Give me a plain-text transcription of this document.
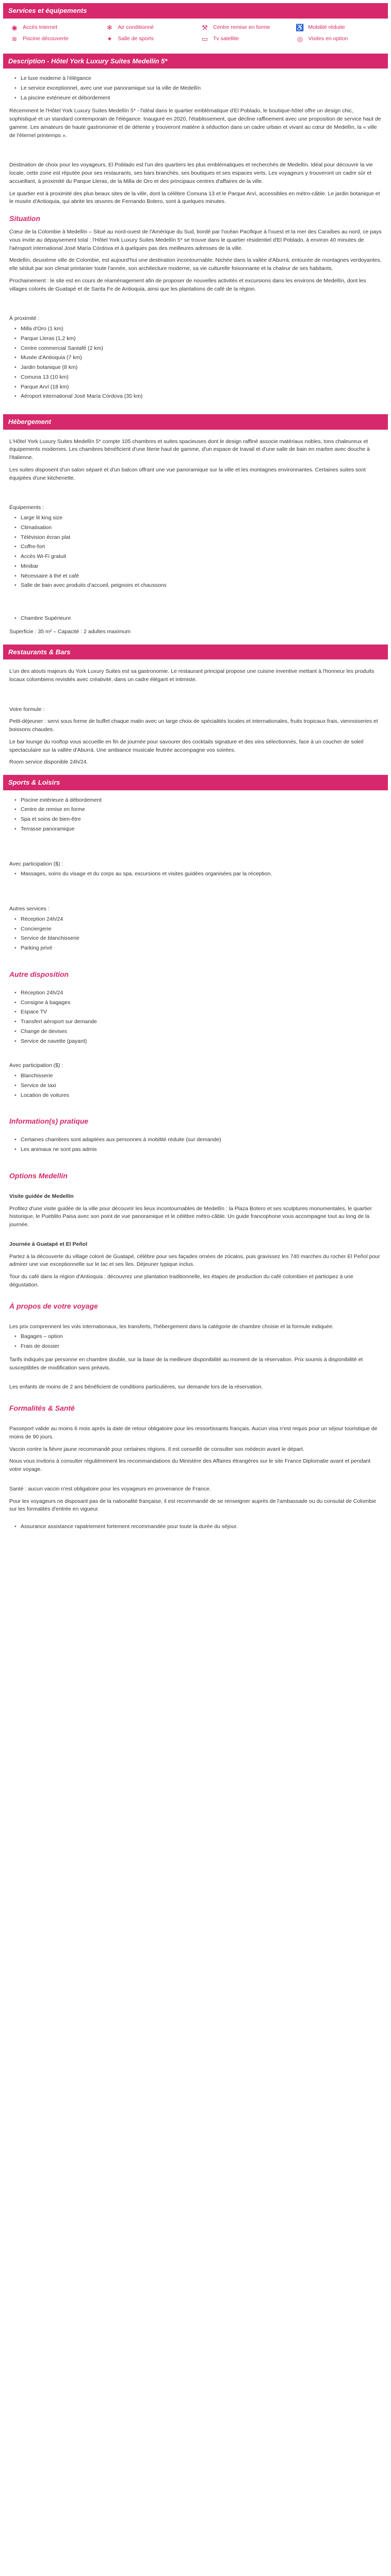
Services et équipements
◉ Accès Internet	❄ Air conditionné	⚒ Centre remise en forme	♿ Mobilité réduite
≋ Piscine découverte	✦ Salle de sports	▭ Tv satellite	◎ Visites en option
Description - Hôtel York Luxury Suites Medellín 5*
• Le luxe moderne à l'élégance
• Le service exceptionnel, avec une vue panoramique sur la ville de Medellín
• La piscine extérieure et débordement

Récemment le l'Hôtel York Luxury Suites Medellín 5* - l'idéal dans le quartier emblématique d'El Poblado, le boutique-hôtel offre un design chic, sophistiqué et un standard contemporain de l'élégance. Inauguré en 2020, l'établissement, que décline raffinement avec une proposition de service haut de gamme. Les amateurs de haute gastronomie et de détente y trouveront matière à séduction dans un cadre urbain et vivant au cœur de Medellín, la « ville de l'éternel printemps ».

Destination de choix pour les voyageurs, El Poblado est l'un des quartiers les plus emblématiques et recherchés de Medellín. Idéal pour découvrir la vie locale, cette zone est réputée pour ses restaurants, ses bars branchés, ses boutiques et ses espaces verts. Les voyageurs y trouveront un cadre sûr et accueillant, à proximité du Parque Lleras, de la Milla de Oro et des principaux centres d'affaires de la ville.

Le quartier est à proximité des plus beaux sites de la ville, dont la célèbre Comuna 13 et le Parque Arví, accessibles en métro-câble. Le jardin botanique et le musée d'Antioquia, qui abrite les œuvres de Fernando Botero, sont à quelques minutes.

Situation

Cœur de la Colombie à Medellín – Situé au nord-ouest de l'Amérique du Sud, bordé par l'océan Pacifique à l'ouest et la mer des Caraïbes au nord, ce pays vous invite au dépaysement total : l'Hôtel York Luxury Suites Medellín 5* se trouve dans le quartier résidentiel d'El Poblado, à environ 40 minutes de l'aéroport international José María Córdova et à quelques pas des meilleures adresses de la ville.

Medellín, deuxième ville de Colombie, est aujourd'hui une destination incontournable. Nichée dans la vallée d'Aburrá, entourée de montagnes verdoyantes, elle séduit par son climat printanier toute l'année, son architecture moderne, sa vie culturelle foisonnante et la chaleur de ses habitants.

Prochainement : le site est en cours de réaménagement afin de proposer de nouvelles activités et excursions dans les environs de Medellín, dont les villages colorés de Guatapé et de Santa Fe de Antioquia, ainsi que les plantations de café de la région.

À proximité :

• Milla d'Oro (1 km)
• Parque Lleras (1,2 km)
• Centre commercial Santafé (2 km)
• Musée d'Antioquia (7 km)
• Jardin botanique (8 km)
• Comuna 13 (10 km)
• Parque Arví (18 km)
• Aéroport international José María Córdova (35 km)
Hébergement

L'Hôtel York Luxury Suites Medellín 5* compte 105 chambres et suites spacieuses dont le design raffiné associe matériaux nobles, tons chaleureux et équipements modernes. Les chambres bénéficient d'une literie haut de gamme, d'un espace de travail et d'une salle de bain en marbre avec douche à l'italienne.

Les suites disposent d'un salon séparé et d'un balcon offrant une vue panoramique sur la ville et les montagnes environnantes. Certaines suites sont équipées d'une kitchenette.

Équipements :

• Large lit king size
• Climatisation
• Télévision écran plat
• Coffre-fort
• Accès Wi-Fi gratuit
• Minibar
• Nécessaire à thé et café
• Salle de bain avec produits d'accueil, peignoirs et chaussons
• Chambre Supérieure

Superficie : 35 m² – Capacité : 2 adultes maximum

Restaurants & Bars

L'un des atouts majeurs du York Luxury Suites est sa gastronomie. Le restaurant principal propose une cuisine inventive mettant à l'honneur les produits locaux colombiens revisités avec créativité, dans un cadre élégant et intimiste.

Votre formule :

Petit-déjeuner : servi sous forme de buffet chaque matin avec un large choix de spécialités locales et internationales, fruits tropicaux frais, viennoiseries et boissons chaudes.

Le bar lounge du rooftop vous accueille en fin de journée pour savourer des cocktails signature et des vins sélectionnés, face à un coucher de soleil spectaculaire sur la vallée d'Aburrá. Une ambiance musicale feutrée accompagne vos soirées.

Room service disponible 24h/24.

Sports & Loisirs
• Piscine extérieure à débordement
• Centre de remise en forme
• Spa et soins de bien-être
• Terrasse panoramique

Avec participation ($) :

• Massages, soins du visage et du corps au spa, excursions et visites guidées organisées par la réception.

Autres services :

• Réception 24h/24
• Conciergerie
• Service de blanchisserie
• Parking privé
Autre disposition
• Réception 24h/24
• Consigne à bagages
• Espace TV
• Transfert aéroport sur demande
• Change de devises
• Service de navette (payant)

Avec participation ($) :

• Blanchisserie
• Service de taxi
• Location de voitures
Information(s) pratique
• Certaines chambres sont adaptées aux personnes à mobilité réduite (sur demande)
• Les animaux ne sont pas admis
Options Medellín

Visite guidée de Medellín

Profitez d'une visite guidée de la ville pour découvrir les lieux incontournables de Medellín : la Plaza Botero et ses sculptures monumentales, le quartier historique, le Pueblito Paisa avec son point de vue panoramique et le célèbre métro-câble. Un guide francophone vous accompagne tout au long de la journée.

Journée à Guatapé et El Peñol

Partez à la découverte du village coloré de Guatapé, célèbre pour ses façades ornées de zócalos, puis gravissez les 740 marches du rocher El Peñol pour admirer une vue exceptionnelle sur le lac et ses îles. Déjeuner typique inclus.

Tour du café dans la région d'Antioquia : découvrez une plantation traditionnelle, les étapes de production du café colombien et participez à une dégustation.

À propos de votre voyage

Les prix comprennent les vols internationaux, les transferts, l'hébergement dans la catégorie de chambre choisie et la formule indiquée.

• Bagages – option
• Frais de dossier

Tarifs indiqués par personne en chambre double, sur la base de la meilleure disponibilité au moment de la réservation. Prix soumis à disponibilité et susceptibles de modification sans préavis.

Les enfants de moins de 2 ans bénéficient de conditions particulières, sur demande lors de la réservation.

Formalités & Santé

Passeport valide au moins 6 mois après la date de retour obligatoire pour les ressortissants français. Aucun visa n'est requis pour un séjour touristique de moins de 90 jours.

Vaccin contre la fièvre jaune recommandé pour certaines régions. Il est conseillé de consulter son médecin avant le départ.

Nous vous invitons à consulter régulièrement les recommandations du Ministère des Affaires étrangères sur le site France Diplomatie avant et pendant votre voyage.

Santé : aucun vaccin n'est obligatoire pour les voyageurs en provenance de France.

Pour les voyageurs ne disposant pas de la nationalité française, il est recommandé de se renseigner auprès de l'ambassade ou du consulat de Colombie sur les formalités d'entrée en vigueur.

• Assurance assistance rapatriement fortement recommandée pour toute la durée du séjour.
